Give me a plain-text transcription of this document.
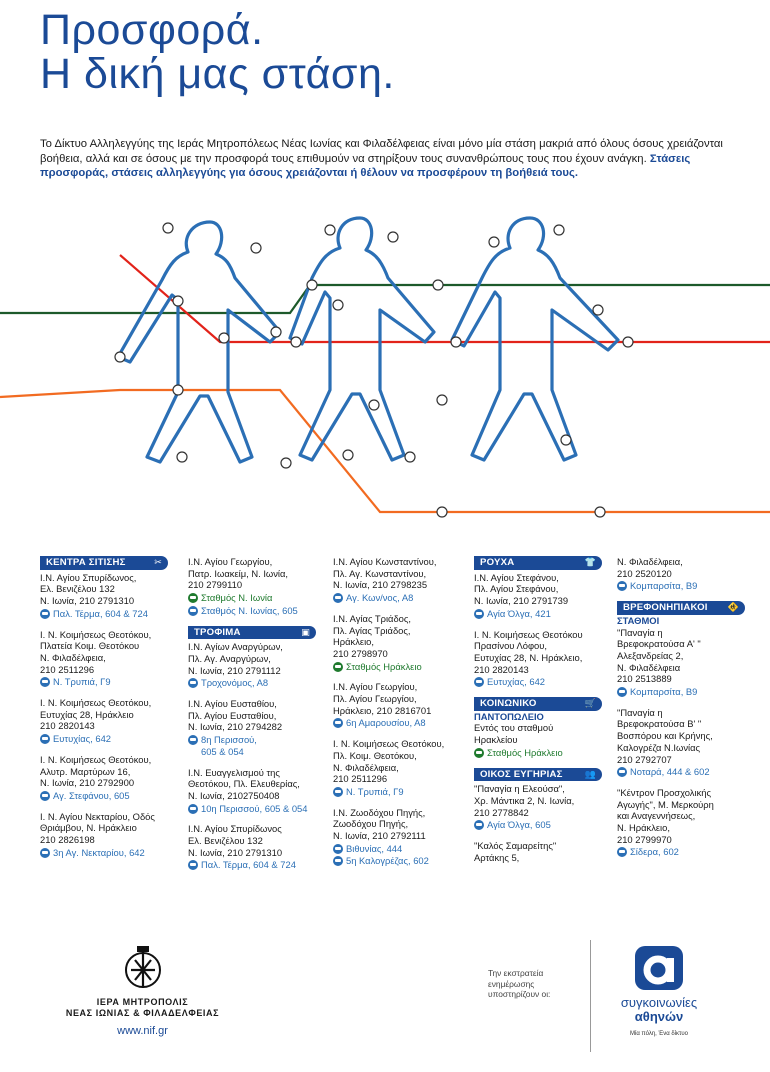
Προσφορά.
Η δική μας στάση.

Το Δίκτυο Αλληλεγγύης της Ιεράς Μητροπόλεως Νέας Ιωνίας και Φιλαδέλφειας είναι μόνο μία στάση μακριά από όλους όσους χρειάζονται βοήθεια, αλλά και σε όσους με την προσφορά τους επιθυμούν να στηρίξουν τους συνανθρώπους τους που έχουν ανάγκη. Στάσεις προσφοράς, στάσεις αλληλεγγύης για όσους χρειάζονται ή θέλουν να προσφέρουν τη βοήθειά τους.

ΚΕΝΤΡΑ ΣΙΤΙΣΗΣ	✂
Ι.Ν. Αγίου Σπυρίδωνος,
Ελ. Βενιζέλου 132
Ν. Ιωνία, 210 2791310
Παλ. Τέρμα, 604 & 724
Ι. Ν. Κοιμήσεως Θεοτόκου,
Πλατεία Κοιμ. Θεοτόκου
Ν. Φιλαδέλφεια,
210 2511296
Ν. Τρυπιά, Γ9
Ι. Ν. Κοιμήσεως Θεοτόκου,
Ευτυχίας 28, Ηράκλειο
210 2820143
Ευτυχίας, 642
Ι. Ν. Κοιμήσεως Θεοτόκου,
Αλυτρ. Μαρτύρων 16,
Ν. Ιωνία, 210 2792900
Αγ. Στεφάνου, 605
Ι. Ν. Αγίου Νεκταρίου, Οδός
Θριάμβου, Ν. Ηράκλειο
210 2826198
3η Αγ. Νεκταρίου, 642
Ι.Ν. Αγίου Γεωργίου,
Πατρ. Ιωακείμ, Ν. Ιωνία,
210 2799110
Σταθμός Ν. Ιωνία
Σταθμός Ν. Ιωνίας, 605
ΤΡΟΦΙΜΑ	▣
Ι.Ν. Αγίων Αναργύρων,
Πλ. Αγ. Αναργύρων,
Ν. Ιωνία, 210 2791112
Τροχονόμος, Α8
Ι.Ν. Αγίου Ευσταθίου,
Πλ. Αγίου Ευσταθίου,
Ν. Ιωνία, 210 2794282
8η Περισσού,
605 & 054
Ι.Ν. Ευαγγελισμού της
Θεοτόκου, Πλ. Ελευθερίας,
Ν. Ιωνία, 2102750408
10η Περισσού, 605 & 054
Ι.Ν. Αγίου Σπυρίδωνος
Ελ. Βενιζέλου 132
Ν. Ιωνία, 210 2791310
Παλ. Τέρμα, 604 & 724
Ι.Ν. Αγίου Κωνσταντίνου,
Πλ. Αγ. Κωνσταντίνου,
Ν. Ιωνία, 210 2798235
Αγ. Κων/νος, Α8
Ι.Ν. Αγίας Τριάδος,
Πλ. Αγίας Τριάδος,
Ηράκλειο,
210 2798970
Σταθμός Ηράκλειο
Ι.Ν. Αγίου Γεωργίου,
Πλ. Αγίου Γεωργίου,
Ηράκλειο, 210 2816701
6η Αμαρουσίου, Α8
Ι. Ν. Κοιμήσεως Θεοτόκου,
Πλ. Κοιμ. Θεοτόκου,
Ν. Φιλαδέλφεια,
210 2511296
Ν. Τρυπιά, Γ9
Ι.Ν. Ζωοδόχου Πηγής,
Ζωοδόχου Πηγής,
Ν. Ιωνία, 210 2792111
Βιθυνίας, 444
5η Καλογρέζας, 602
ΡΟΥΧΑ	👕
Ι.Ν. Αγίου Στεφάνου,
Πλ. Αγίου Στεφάνου,
Ν. Ιωνία, 210 2791739
Αγία Όλγα, 421
Ι. Ν. Κοιμήσεως Θεοτόκου
Πρασίνου Λόφου,
Ευτυχίας 28, Ν. Ηράκλειο,
210 2820143
Ευτυχίας, 642
ΚΟΙΝΩΝΙΚΟ	🛒
ΠΑΝΤΟΠΩΛΕΙΟ
Εντός του σταθμού
Ηρακλείου
Σταθμός Ηράκλειο
ΟΙΚΟΣ ΕΥΓΗΡΙΑΣ 👥
"Παναγία η Ελεούσα",
Χρ. Μάντικα 2, Ν. Ιωνία,
210 2778842
Αγία Όλγα, 605
"Καλός Σαμαρείτης"
Αρτάκης 5,
Ν. Φιλαδέλφεια,
210 2520120
Κομπαρσίτα, Β9
ΒΡΕΦΟΝΗΠΙΑΚΟΙ 🚸
ΣΤΑΘΜΟΙ
"Παναγία η
Βρεφοκρατούσα Α' "
Αλεξανδρείας 2,
Ν. Φιλαδέλφεια
210 2513889
Κομπαρσίτα, Β9
"Παναγία η
Βρεφοκρατούσα Β' "
Βοσπόρου και Κρήνης,
Καλογρέζα Ν.Ιωνίας
210 2792707
Νοταρά, 444 & 602
"Κέντρον Προσχολικής
Αγωγής", Μ. Μερκούρη
και Αναγεννήσεως,
Ν. Ηράκλειο,
210 2799970
Σίδερα, 602
ΙΕΡΑ ΜΗΤΡΟΠΟΛΙΣ
ΝΕΑΣ ΙΩΝΙΑΣ & ΦΙΛΑΔΕΛΦΕΙΑΣ
www.nif.gr
Την εκστρατεία
ενημέρωσης
υποστηρίζουν οι:
συγκοινωνίες
αθηνών
Μία πόλη, Ένα δίκτυο
